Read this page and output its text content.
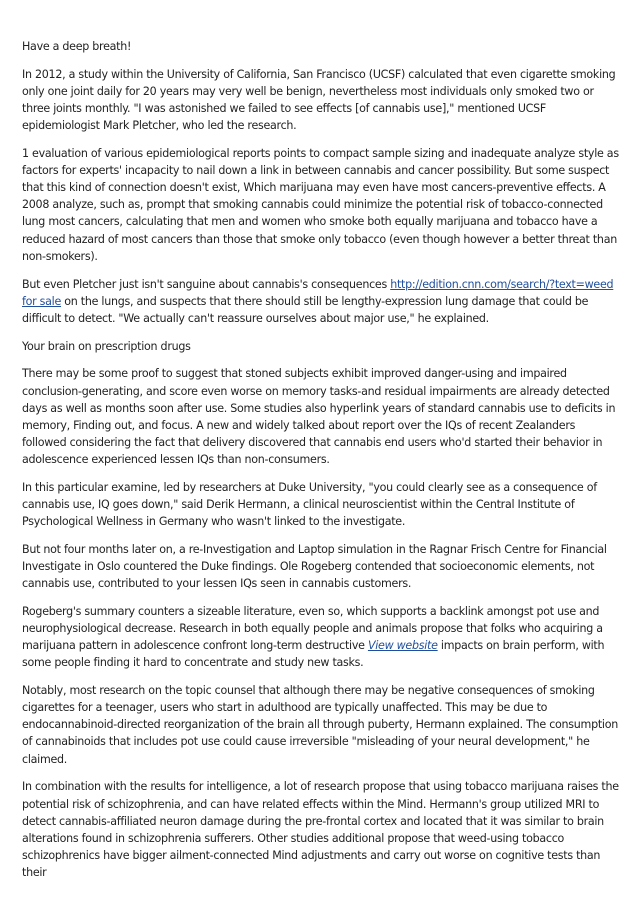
Have a deep breath!

In 2012, a study within the University of California, San Francisco (UCSF) calculated that even cigarette smoking only one joint daily for 20 years may very well be benign, nevertheless most individuals only smoked two or three joints monthly. "I was astonished we failed to see effects [of cannabis use]," mentioned UCSF epidemiologist Mark Pletcher, who led the research.

1 evaluation of various epidemiological reports points to compact sample sizing and inadequate analyze style as factors for experts' incapacity to nail down a link in between cannabis and cancer possibility. But some suspect that this kind of connection doesn't exist, Which marijuana may even have most cancers-preventive effects. A 2008 analyze, such as, prompt that smoking cannabis could minimize the potential risk of tobacco-connected lung most cancers, calculating that men and women who smoke both equally marijuana and tobacco have a reduced hazard of most cancers than those that smoke only tobacco (even though however a better threat than non-smokers).

But even Pletcher just isn't sanguine about cannabis's consequences http://edition.cnn.com/search/?text=weed for sale on the lungs, and suspects that there should still be lengthy-expression lung damage that could be difficult to detect. "We actually can't reassure ourselves about major use," he explained.

Your brain on prescription drugs

There may be some proof to suggest that stoned subjects exhibit improved danger-using and impaired conclusion-generating, and score even worse on memory tasks-and residual impairments are already detected days as well as months soon after use. Some studies also hyperlink years of standard cannabis use to deficits in memory, Finding out, and focus. A new and widely talked about report over the IQs of recent Zealanders followed considering the fact that delivery discovered that cannabis end users who'd started their behavior in adolescence experienced lessen IQs than non-consumers.

In this particular examine, led by researchers at Duke University, "you could clearly see as a consequence of cannabis use, IQ goes down," said Derik Hermann, a clinical neuroscientist within the Central Institute of Psychological Wellness in Germany who wasn't linked to the investigate.

But not four months later on, a re-Investigation and Laptop simulation in the Ragnar Frisch Centre for Financial Investigate in Oslo countered the Duke findings. Ole Rogeberg contended that socioeconomic elements, not cannabis use, contributed to your lessen IQs seen in cannabis customers.

Rogeberg's summary counters a sizeable literature, even so, which supports a backlink amongst pot use and neurophysiological decrease. Research in both equally people and animals propose that folks who acquiring a marijuana pattern in adolescence confront long-term destructive View website impacts on brain perform, with some people finding it hard to concentrate and study new tasks.

Notably, most research on the topic counsel that although there may be negative consequences of smoking cigarettes for a teenager, users who start in adulthood are typically unaffected. This may be due to endocannabinoid-directed reorganization of the brain all through puberty, Hermann explained. The consumption of cannabinoids that includes pot use could cause irreversible "misleading of your neural development," he claimed.

In combination with the results for intelligence, a lot of research propose that using tobacco marijuana raises the potential risk of schizophrenia, and can have related effects within the Mind. Hermann's group utilized MRI to detect cannabis-affiliated neuron damage during the pre-frontal cortex and located that it was similar to brain alterations found in schizophrenia sufferers. Other studies additional propose that weed-using tobacco schizophrenics have bigger ailment-connected Mind adjustments and carry out worse on cognitive tests than their
